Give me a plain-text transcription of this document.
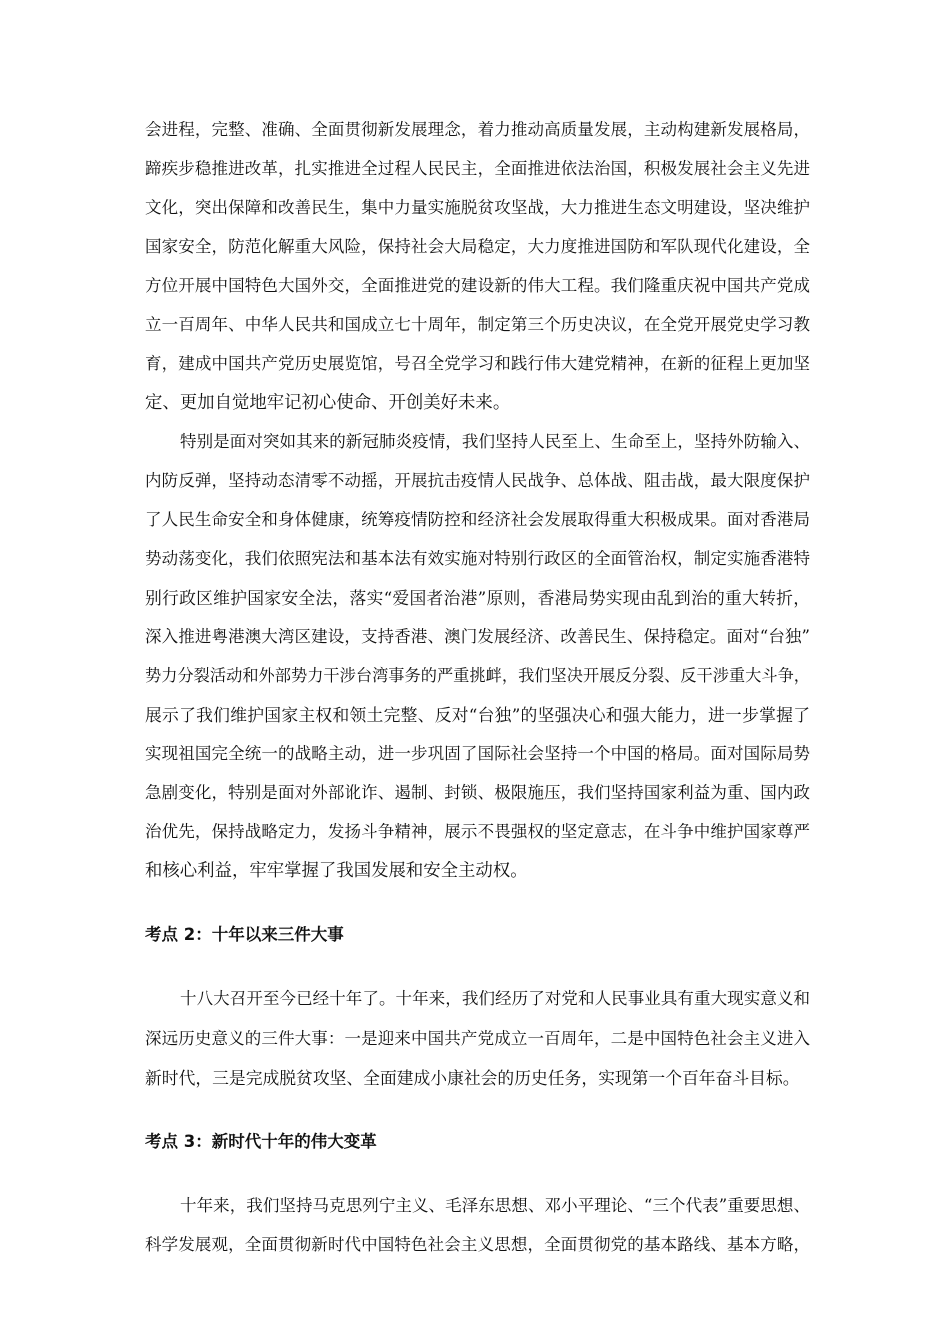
会进程，完整、准确、全面贯彻新发展理念，着力推动高质量发展，主动构建新发展格局，
蹄疾步稳推进改革，扎实推进全过程人民民主，全面推进依法治国，积极发展社会主义先进
文化，突出保障和改善民生，集中力量实施脱贫攻坚战，大力推进生态文明建设，坚决维护
国家安全，防范化解重大风险，保持社会大局稳定，大力度推进国防和军队现代化建设，全
方位开展中国特色大国外交，全面推进党的建设新的伟大工程。我们隆重庆祝中国共产党成
立一百周年、中华人民共和国成立七十周年，制定第三个历史决议，在全党开展党史学习教
育，建成中国共产党历史展览馆，号召全党学习和践行伟大建党精神，在新的征程上更加坚
定、更加自觉地牢记初心使命、开创美好未来。
特别是面对突如其来的新冠肺炎疫情，我们坚持人民至上、生命至上，坚持外防输入、
内防反弹，坚持动态清零不动摇，开展抗击疫情人民战争、总体战、阻击战，最大限度保护
了人民生命安全和身体健康，统筹疫情防控和经济社会发展取得重大积极成果。面对香港局
势动荡变化，我们依照宪法和基本法有效实施对特别行政区的全面管治权，制定实施香港特
别行政区维护国家安全法，落实“爱国者治港”原则，香港局势实现由乱到治的重大转折，
深入推进粤港澳大湾区建设，支持香港、澳门发展经济、改善民生、保持稳定。面对“台独”
势力分裂活动和外部势力干涉台湾事务的严重挑衅，我们坚决开展反分裂、反干涉重大斗争，
展示了我们维护国家主权和领土完整、反对“台独”的坚强决心和强大能力，进一步掌握了
实现祖国完全统一的战略主动，进一步巩固了国际社会坚持一个中国的格局。面对国际局势
急剧变化，特别是面对外部讹诈、遏制、封锁、极限施压，我们坚持国家利益为重、国内政
治优先，保持战略定力，发扬斗争精神，展示不畏强权的坚定意志，在斗争中维护国家尊严
和核心利益，牢牢掌握了我国发展和安全主动权。
考点 2：十年以来三件大事
十八大召开至今已经十年了。十年来，我们经历了对党和人民事业具有重大现实意义和
深远历史意义的三件大事：一是迎来中国共产党成立一百周年，二是中国特色社会主义进入
新时代，三是完成脱贫攻坚、全面建成小康社会的历史任务，实现第一个百年奋斗目标。
考点 3：新时代十年的伟大变革
十年来，我们坚持马克思列宁主义、毛泽东思想、邓小平理论、“三个代表”重要思想、
科学发展观，全面贯彻新时代中国特色社会主义思想，全面贯彻党的基本路线、基本方略，
